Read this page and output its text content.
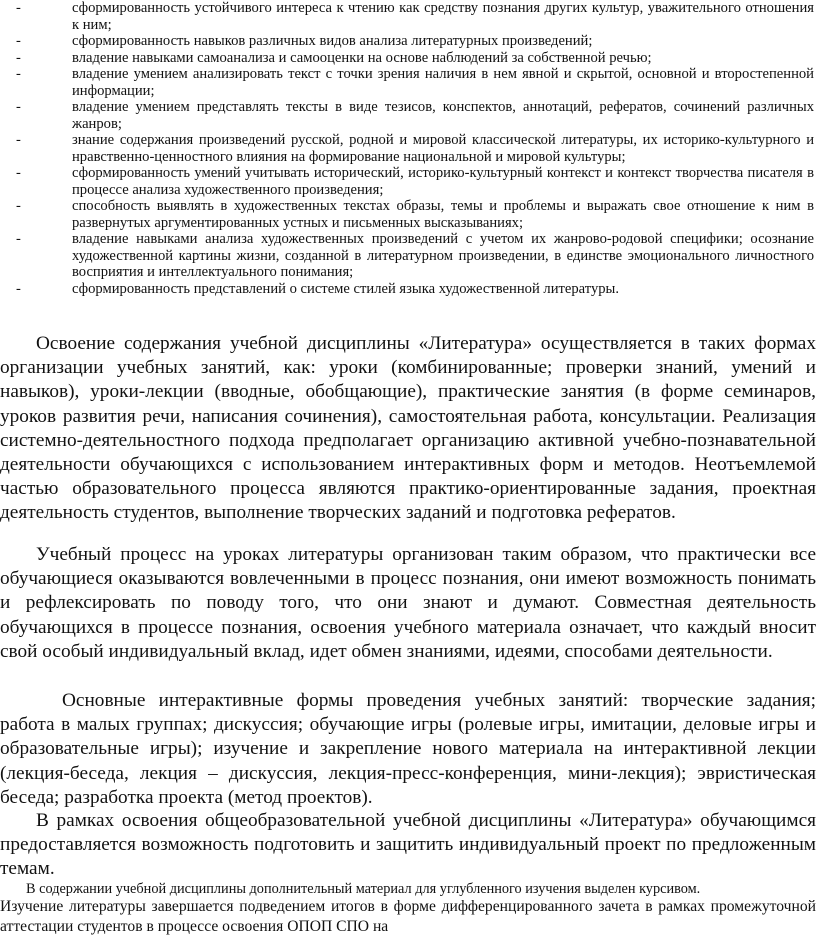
- сформированность устойчивого интереса к чтению как средству познания других культур, уважительного отношения к ним;
- сформированность навыков различных видов анализа литературных произведений;
- владение навыками самоанализа и самооценки на основе наблюдений за собственной речью;
- владение умением анализировать текст с точки зрения наличия в нем явной и скрытой, основной и второстепенной информации;
- владение умением представлять тексты в виде тезисов, конспектов, аннотаций, рефератов, сочинений различных жанров;
- знание содержания произведений русской, родной и мировой классической литературы, их историко-культурного и нравственно-ценностного влияния на формирование национальной и мировой культуры;
- сформированность умений учитывать исторический, историко-культурный контекст и контекст творчества писателя в процессе анализа художественного произведения;
- способность выявлять в художественных текстах образы, темы и проблемы и выражать свое отношение к ним в развернутых аргументированных устных и письменных высказываниях;
- владение навыками анализа художественных произведений с учетом их жанрово-родовой специфики; осознание художественной картины жизни, созданной в литературном произведении, в единстве эмоционального личностного восприятия и интеллектуального понимания;
- сформированность представлений о системе стилей языка художественной литературы.

Освоение содержания учебной дисциплины «Литература» осуществляется в таких формах организации учебных занятий, как: уроки (комбинированные; проверки знаний, умений и навыков), уроки-лекции (вводные, обобщающие), практические занятия (в форме семинаров, уроков развития речи, написания сочинения), самостоятельная работа, консультации. Реализация системно-деятельностного подхода предполагает организацию активной учебно-познавательной деятельности обучающихся с использованием интерактивных форм и методов. Неотъемлемой частью образовательного процесса являются практико-ориентированные задания, проектная деятельность студентов, выполнение творческих заданий и подготовка рефератов.

Учебный процесс на уроках литературы организован таким образом, что практически все обучающиеся оказываются вовлеченными в процесс познания, они имеют возможность понимать и рефлексировать по поводу того, что они знают и думают. Совместная деятельность обучающихся в процессе познания, освоения учебного материала означает, что каждый вносит свой особый индивидуальный вклад, идет обмен знаниями, идеями, способами деятельности.

Основные интерактивные формы проведения учебных занятий: творческие задания; работа в малых группах; дискуссия; обучающие игры (ролевые игры, имитации, деловые игры и образовательные игры); изучение и закрепление нового материала на интерактивной лекции (лекция-беседа, лекция – дискуссия, лекция-пресс-конференция, мини-лекция); эвристическая беседа; разработка проекта (метод проектов).

В рамках освоения общеобразовательной учебной дисциплины «Литература» обучающимся предоставляется возможность подготовить и защитить индивидуальный проект по предложенным темам.

В содержании учебной дисциплины дополнительный материал для углубленного изучения выделен курсивом.

Изучение литературы завершается подведением итогов в форме дифференцированного зачета в рамках промежуточной аттестации студентов в процессе освоения ОПОП СПО на
